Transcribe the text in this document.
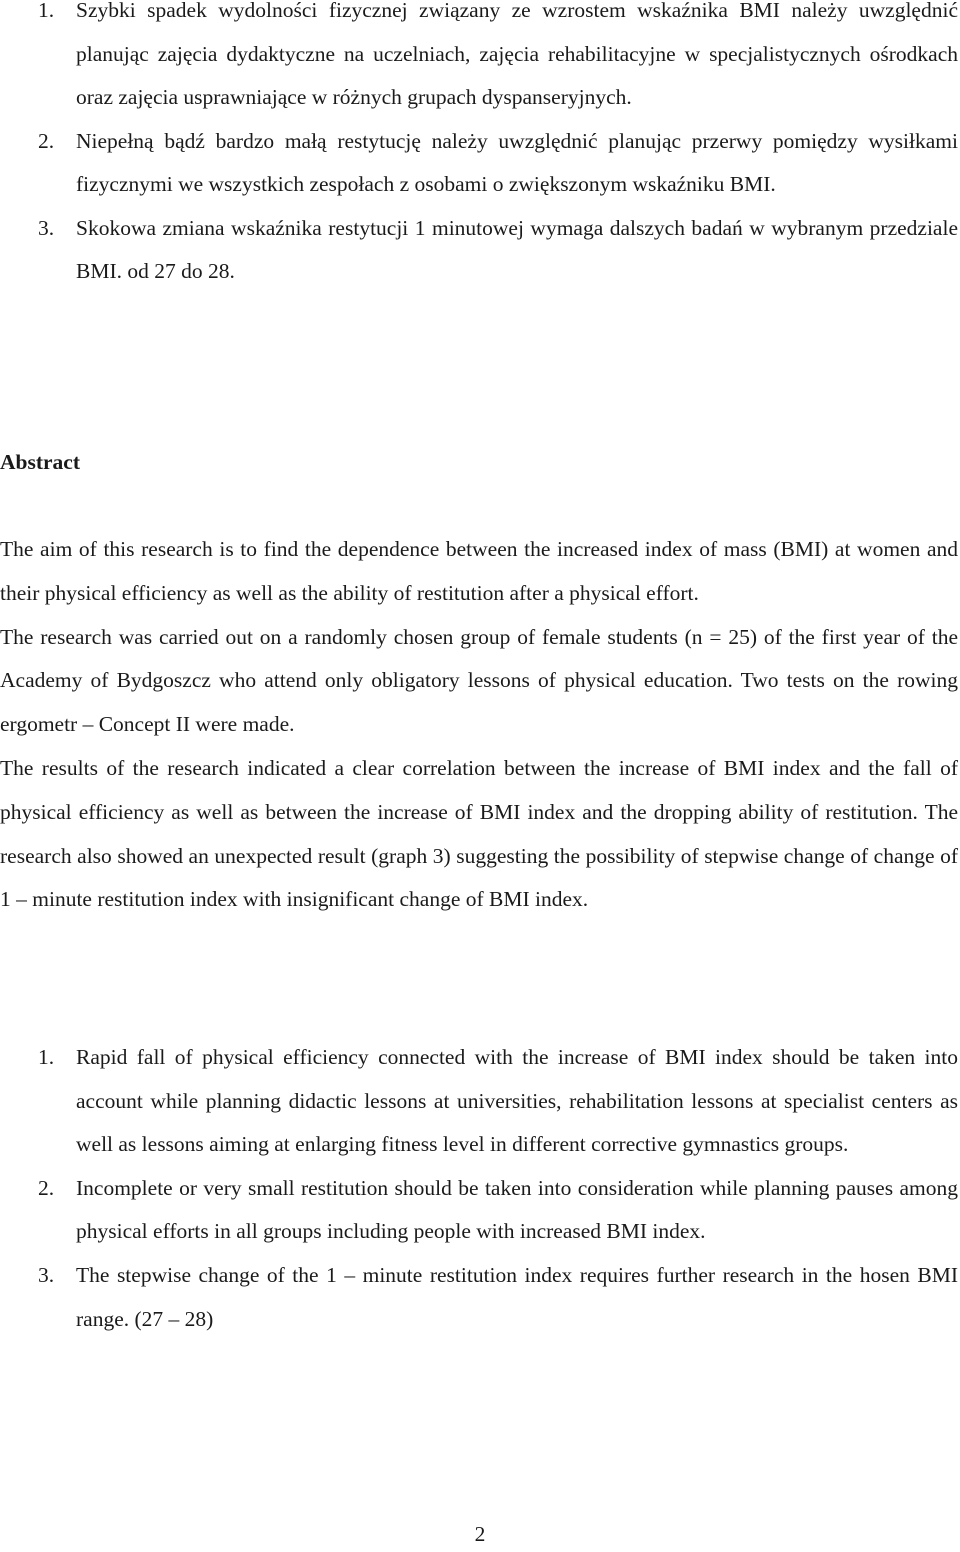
1. Szybki spadek wydolności fizycznej związany ze wzrostem wskaźnika BMI należy uwzględnić planując zajęcia dydaktyczne na uczelniach, zajęcia rehabilitacyjne w specjalistycznych ośrodkach oraz zajęcia usprawniające w różnych grupach dyspanseryjnych.
2. Niepełną bądź bardzo małą restytucję należy uwzględnić planując przerwy pomiędzy wysiłkami fizycznymi we wszystkich zespołach z osobami o zwiększonym wskaźniku BMI.
3. Skokowa zmiana wskaźnika restytucji 1 minutowej wymaga dalszych badań w wybranym przedziale BMI. od 27 do 28.
Abstract

The aim of this research is to find the dependence between the increased index of mass (BMI) at women and their physical efficiency as well as the ability of restitution after a physical effort.

The research was carried out on a randomly chosen group of female students (n = 25) of the first year of the Academy of Bydgoszcz who attend only obligatory lessons of physical education. Two tests on the rowing ergometr – Concept II were made.

The results of the research indicated a clear correlation between the increase of BMI index and the fall of physical efficiency as well as between the increase of BMI index and the dropping ability of restitution. The research also showed an unexpected result (graph 3) suggesting the possibility of stepwise change of change of 1 – minute restitution index with insignificant change of BMI index.

1. Rapid fall of physical efficiency connected with the increase of BMI index should be taken into account while planning didactic lessons at universities, rehabilitation lessons at specialist centers as well as lessons aiming at enlarging fitness level in different corrective gymnastics groups.
2. Incomplete or very small restitution should be taken into consideration while planning pauses among physical efforts in all groups including people with increased BMI index.
3. The stepwise change of the 1 – minute restitution index requires further research in the hosen BMI range. (27 – 28)
2
